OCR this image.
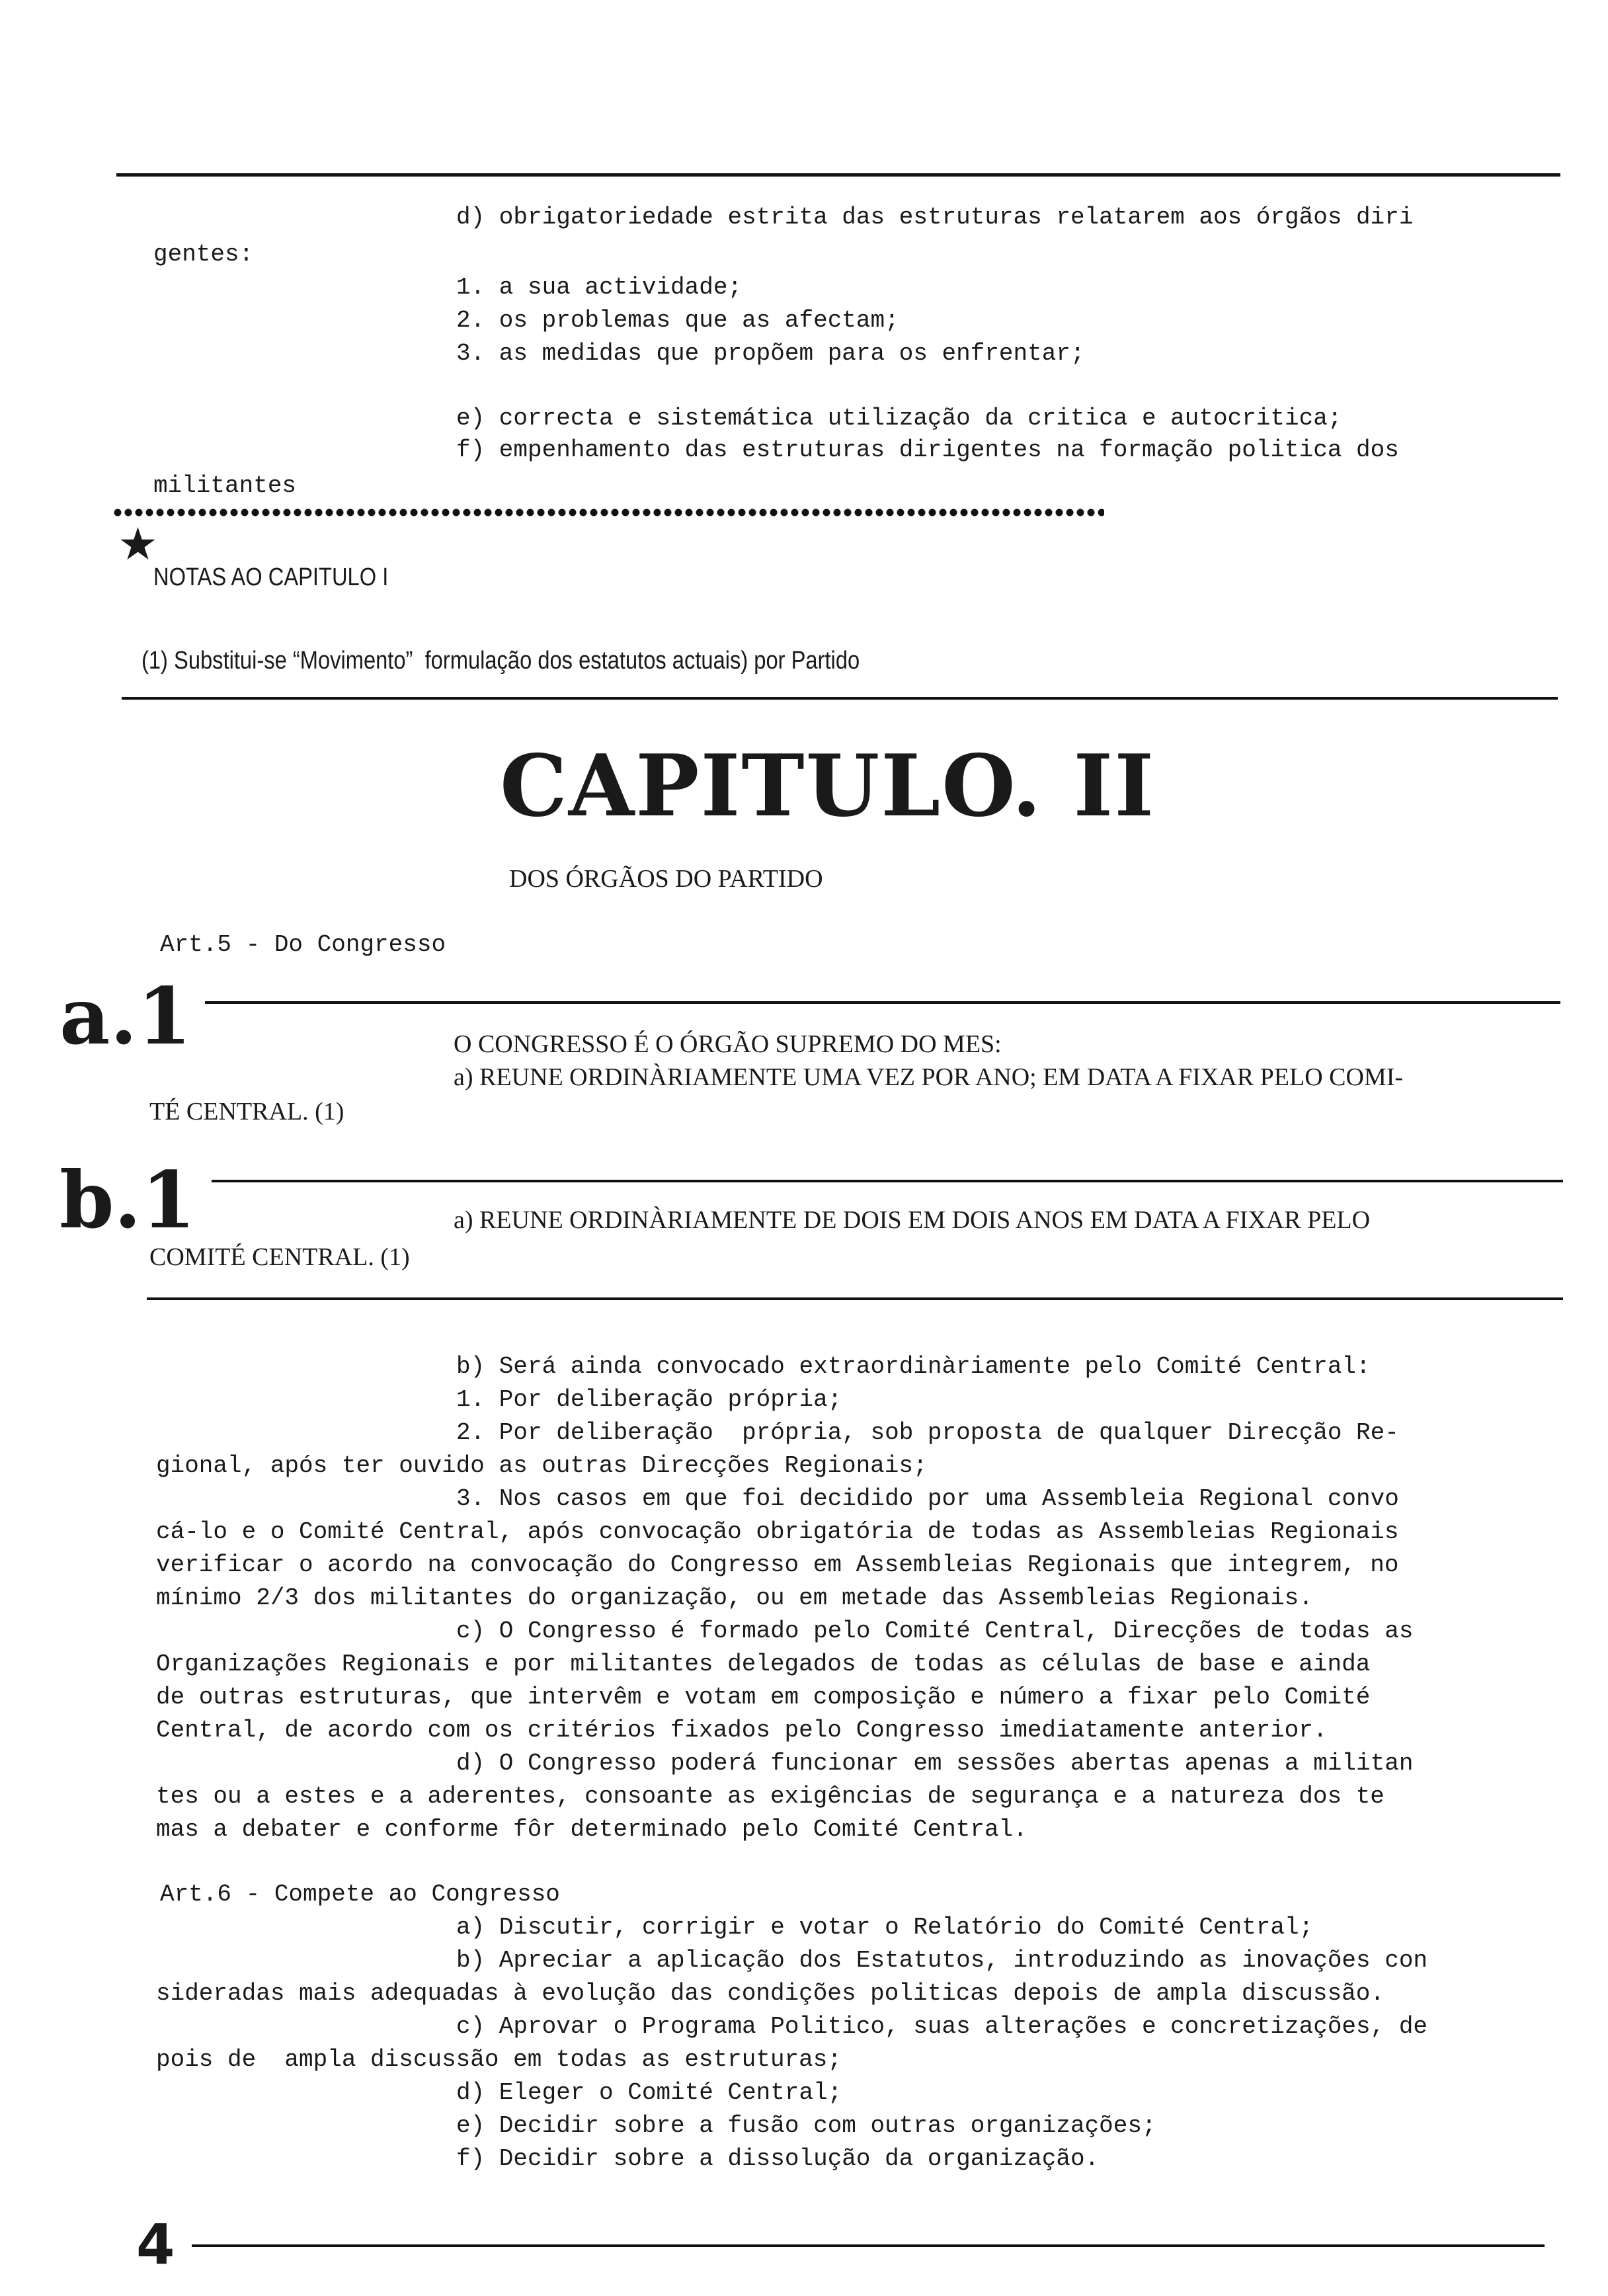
d) obrigatoriedade estrita das estruturas relatarem aos órgãos diri
gentes:
1. a sua actividade;
2. os problemas que as afectam;
3. as medidas que propõem para os enfrentar;
e) correcta e sistemática utilização da critica e autocritica;
f) empenhamento das estruturas dirigentes na formação politica dos
militantes
★
NOTAS AO CAPITULO I
(1) Substitui-se “Movimento”  formulação dos estatutos actuais) por Partido
CAPITULO. II
DOS ÓRGÃOS DO PARTIDO
Art.5 - Do Congresso
a.1	O CONGRESSO É O ÓRGÃO SUPREMO DO MES:
a) REUNE ORDINÀRIAMENTE UMA VEZ POR ANO; EM DATA A FIXAR PELO COMI-
TÉ CENTRAL. (1)
b.1	a) REUNE ORDINÀRIAMENTE DE DOIS EM DOIS ANOS EM DATA A FIXAR PELO
COMITÉ CENTRAL. (1)
b) Será ainda convocado extraordinàriamente pelo Comité Central:
1. Por deliberação própria;
2. Por deliberação  própria, sob proposta de qualquer Direcção Re-
gional, após ter ouvido as outras Direcções Regionais;
3. Nos casos em que foi decidido por uma Assembleia Regional convo
cá-lo e o Comité Central, após convocação obrigatória de todas as Assembleias Regionais
verificar o acordo na convocação do Congresso em Assembleias Regionais que integrem, no
mínimo 2/3 dos militantes do organização, ou em metade das Assembleias Regionais.
c) O Congresso é formado pelo Comité Central, Direcções de todas as
Organizações Regionais e por militantes delegados de todas as células de base e ainda
de outras estruturas, que intervêm e votam em composição e número a fixar pelo Comité
Central, de acordo com os critérios fixados pelo Congresso imediatamente anterior.
d) O Congresso poderá funcionar em sessões abertas apenas a militan
tes ou a estes e a aderentes, consoante as exigências de segurança e a natureza dos te
mas a debater e conforme fôr determinado pelo Comité Central.
Art.6 - Compete ao Congresso
a) Discutir, corrigir e votar o Relatório do Comité Central;
b) Apreciar a aplicação dos Estatutos, introduzindo as inovações con
sideradas mais adequadas à evolução das condições politicas depois de ampla discussão.
c) Aprovar o Programa Politico, suas alterações e concretizações, de
pois de  ampla discussão em todas as estruturas;
d) Eleger o Comité Central;
e) Decidir sobre a fusão com outras organizações;
f) Decidir sobre a dissolução da organização.
4
